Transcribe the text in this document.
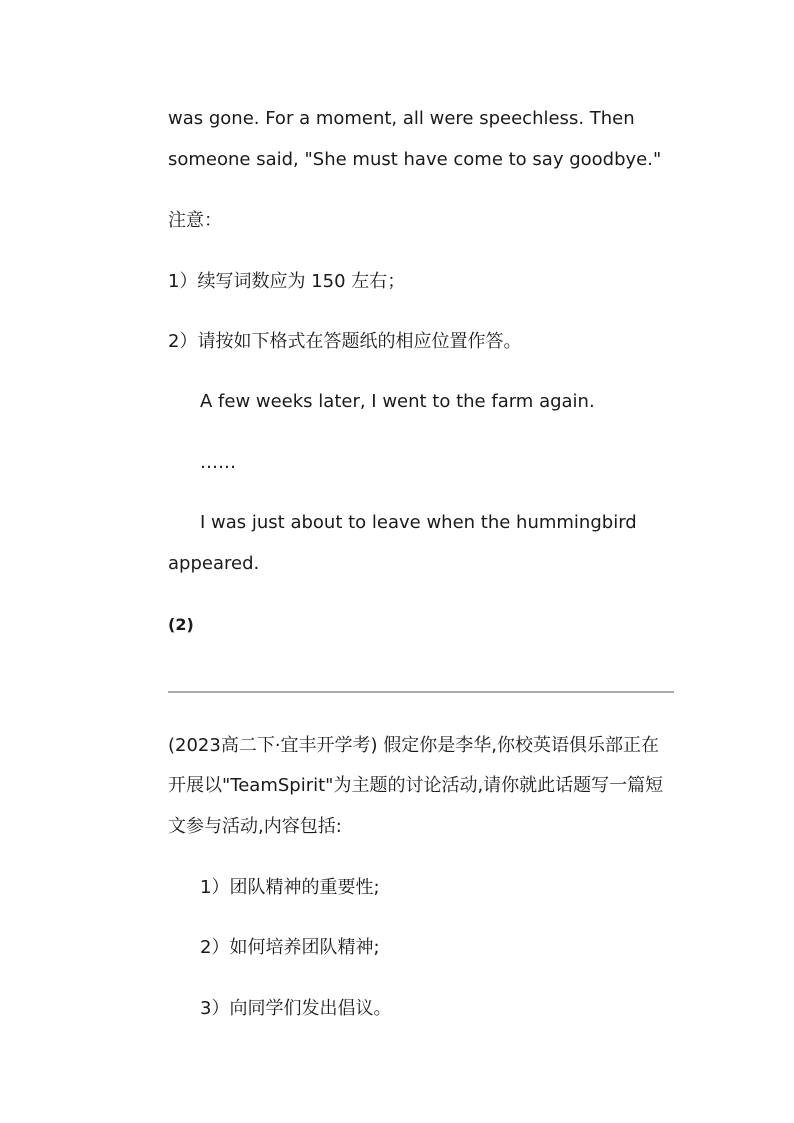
was gone. For a moment, all were speechless. Then
someone said, "She must have come to say goodbye."
注意：
1）续写词数应为 150 左右；
2）请按如下格式在答题纸的相应位置作答。
A few weeks later, I went to the farm again.
……
I was just about to leave when the hummingbird
appeared.
(2)
(2023高二下·宜丰开学考) 假定你是李华,你校英语俱乐部正在
开展以"TeamSpirit"为主题的讨论活动,请你就此话题写一篇短
文参与活动,内容包括:
1）团队精神的重要性;
2）如何培养团队精神;
3）向同学们发出倡议。
